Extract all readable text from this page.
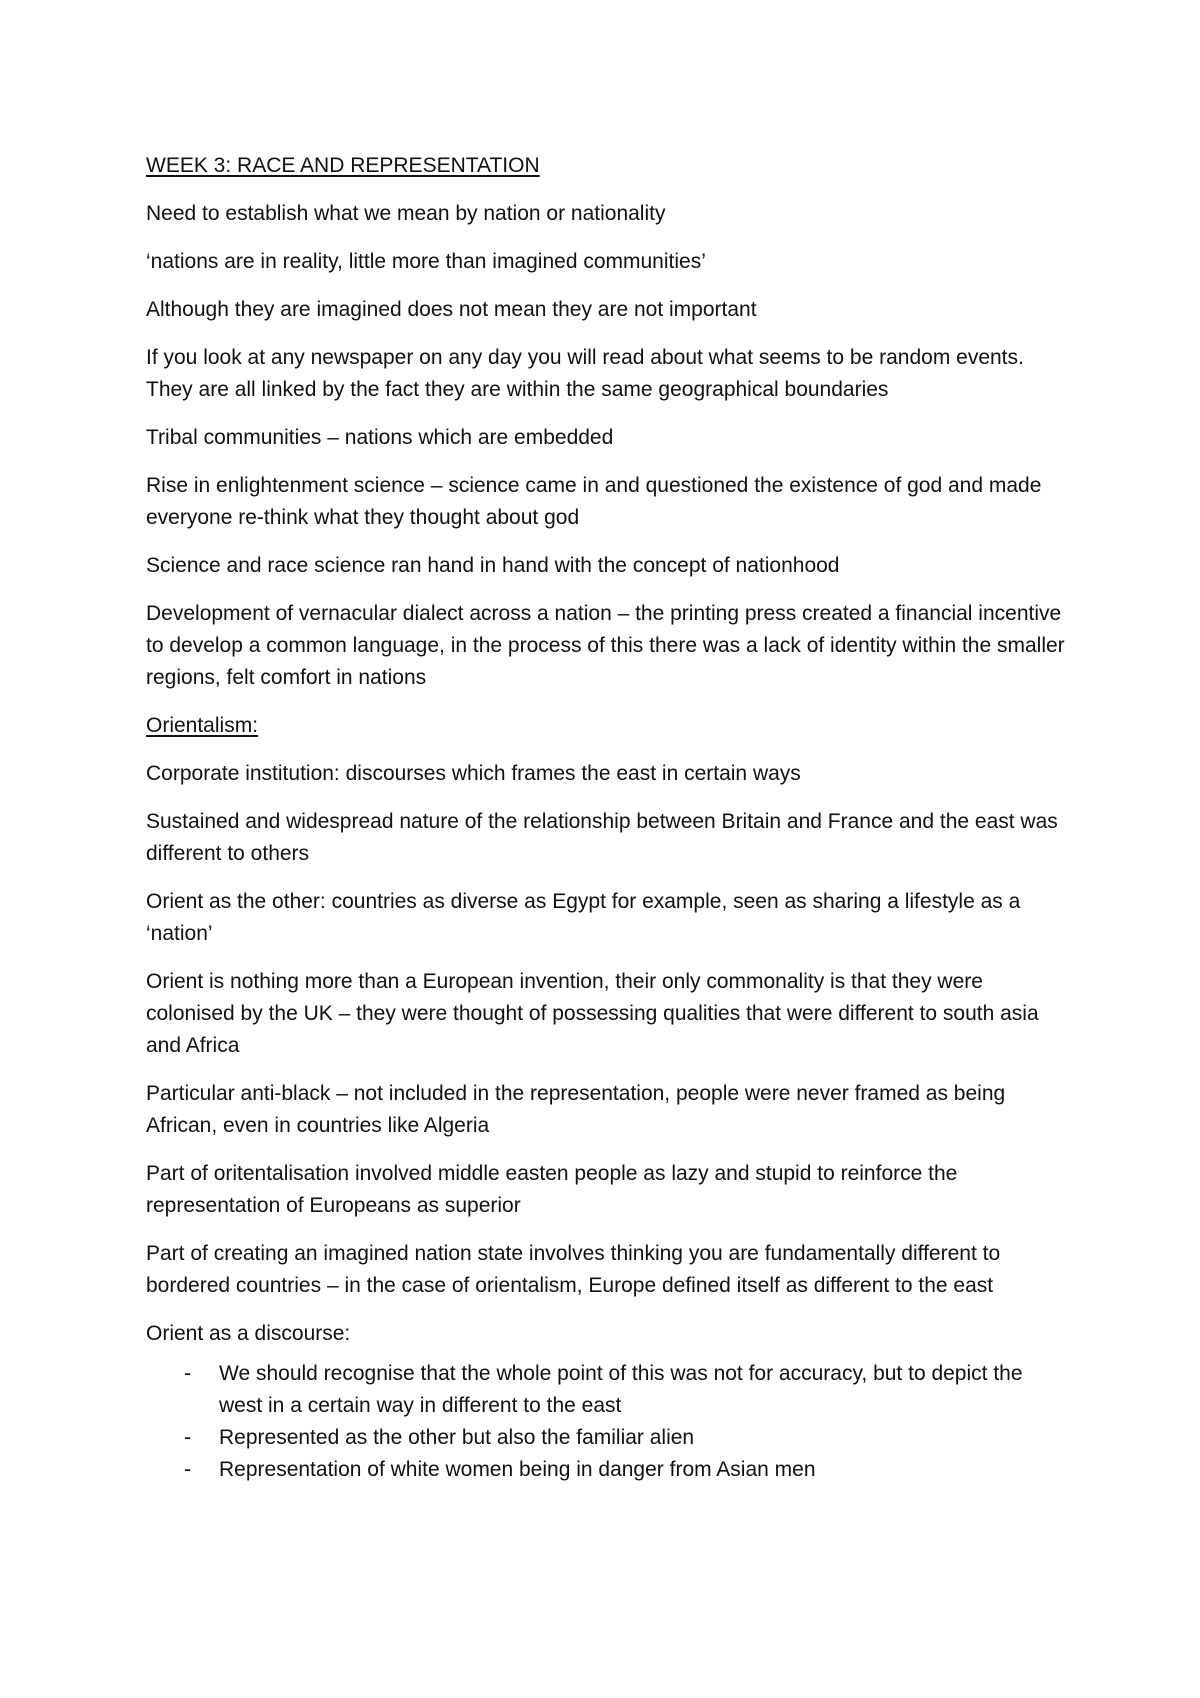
WEEK 3: RACE AND REPRESENTATION

Need to establish what we mean by nation or nationality

‘nations are in reality, little more than imagined communities’

Although they are imagined does not mean they are not important

If you look at any newspaper on any day you will read about what seems to be random events. They are all linked by the fact they are within the same geographical boundaries

Tribal communities – nations which are embedded

Rise in enlightenment science – science came in and questioned the existence of god and made everyone re-think what they thought about god

Science and race science ran hand in hand with the concept of nationhood

Development of vernacular dialect across a nation – the printing press created a financial incentive to develop a common language, in the process of this there was a lack of identity within the smaller regions, felt comfort in nations

Orientalism:

Corporate institution: discourses which frames the east in certain ways

Sustained and widespread nature of the relationship between Britain and France and the east was different to others

Orient as the other: countries as diverse as Egypt for example, seen as sharing a lifestyle as a ‘nation’

Orient is nothing more than a European invention, their only commonality is that they were colonised by the UK – they were thought of possessing qualities that were different to south asia and Africa

Particular anti-black – not included in the representation, people were never framed as being African, even in countries like Algeria

Part of oritentalisation involved middle easten people as lazy and stupid to reinforce the representation of Europeans as superior

Part of creating an imagined nation state involves thinking you are fundamentally different to bordered countries – in the case of orientalism, Europe defined itself as different to the east

Orient as a discourse:

- We should recognise that the whole point of this was not for accuracy, but to depict the west in a certain way in different to the east
- Represented as the other but also the familiar alien
- Representation of white women being in danger from Asian men
